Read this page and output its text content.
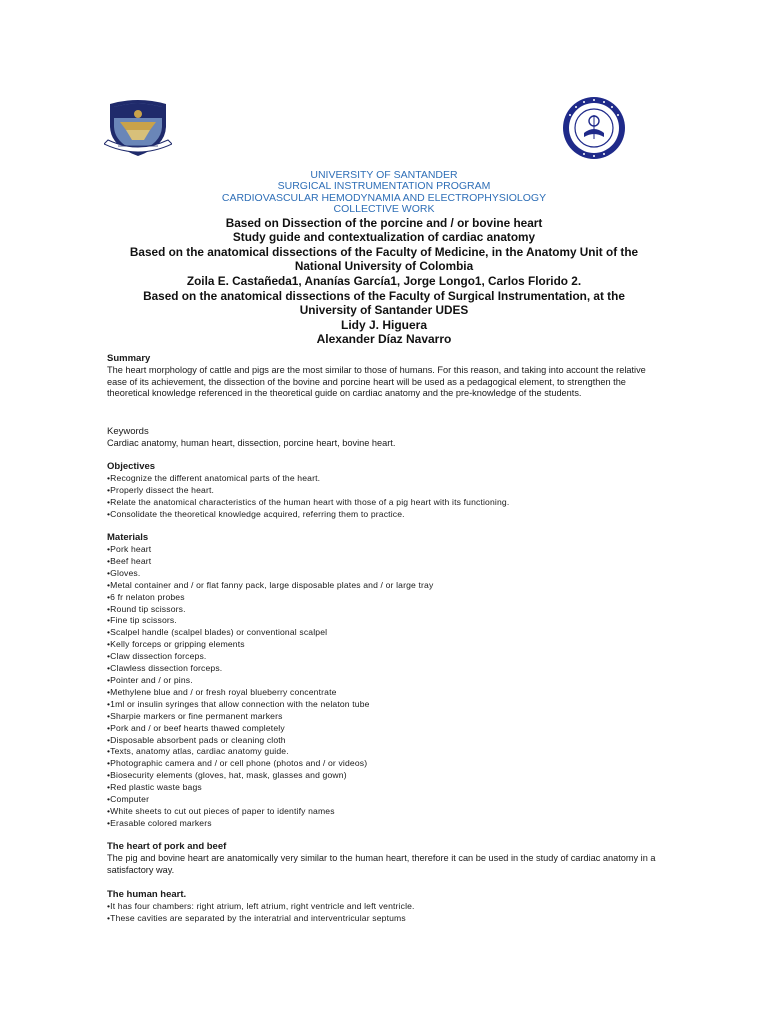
UNIVERSITY OF SANTANDER
SURGICAL INSTRUMENTATION PROGRAM
CARDIOVASCULAR HEMODYNAMIA AND ELECTROPHYSIOLOGY
COLLECTIVE WORK
Based on Dissection of the porcine and / or bovine heart
Study guide and contextualization of cardiac anatomy
Based on the anatomical dissections of the Faculty of Medicine, in the Anatomy Unit of the
National University of Colombia
Zoila E. Castañeda1, Ananías García1, Jorge Longo1, Carlos Florido 2.
Based on the anatomical dissections of the Faculty of Surgical Instrumentation, at the
University of Santander UDES
Lidy J. Higuera
Alexander Díaz Navarro

Summary

The heart morphology of cattle and pigs are the most similar to those of humans. For this reason, and taking into account the relative ease of its achievement, the dissection of the bovine and porcine heart will be used as a pedagogical element, to strengthen the theoretical knowledge referenced in the theoretical guide on cardiac anatomy and the pre-knowledge of the students.

Keywords

Cardiac anatomy, human heart, dissection, porcine heart, bovine heart.

Objectives

• Recognize the different anatomical parts of the heart.
• Properly dissect the heart.
• Relate the anatomical characteristics of the human heart with those of a pig heart with its functioning.
• Consolidate the theoretical knowledge acquired, referring them to practice.

Materials

• Pork heart
• Beef heart
• Gloves.
• Metal container and / or flat fanny pack, large disposable plates and / or large tray
• 6 fr nelaton probes
• Round tip scissors.
• Fine tip scissors.
• Scalpel handle (scalpel blades) or conventional scalpel
• Kelly forceps or gripping elements
• Claw dissection forceps.
• Clawless dissection forceps.
• Pointer and / or pins.
• Methylene blue and / or fresh royal blueberry concentrate
• 1ml or insulin syringes that allow connection with the nelaton tube
• Sharpie markers or fine permanent markers
• Pork and / or beef hearts thawed completely
• Disposable absorbent pads or cleaning cloth
• Texts, anatomy atlas, cardiac anatomy guide.
• Photographic camera and / or cell phone (photos and / or videos)
• Biosecurity elements (gloves, hat, mask, glasses and gown)
• Red plastic waste bags
• Computer
• White sheets to cut out pieces of paper to identify names
• Erasable colored markers

The heart of pork and beef

The pig and bovine heart are anatomically very similar to the human heart, therefore it can be used in the study of cardiac anatomy in a satisfactory way.

The human heart.

• It has four chambers: right atrium, left atrium, right ventricle and left ventricle.
• These cavities are separated by the interatrial and interventricular septums
